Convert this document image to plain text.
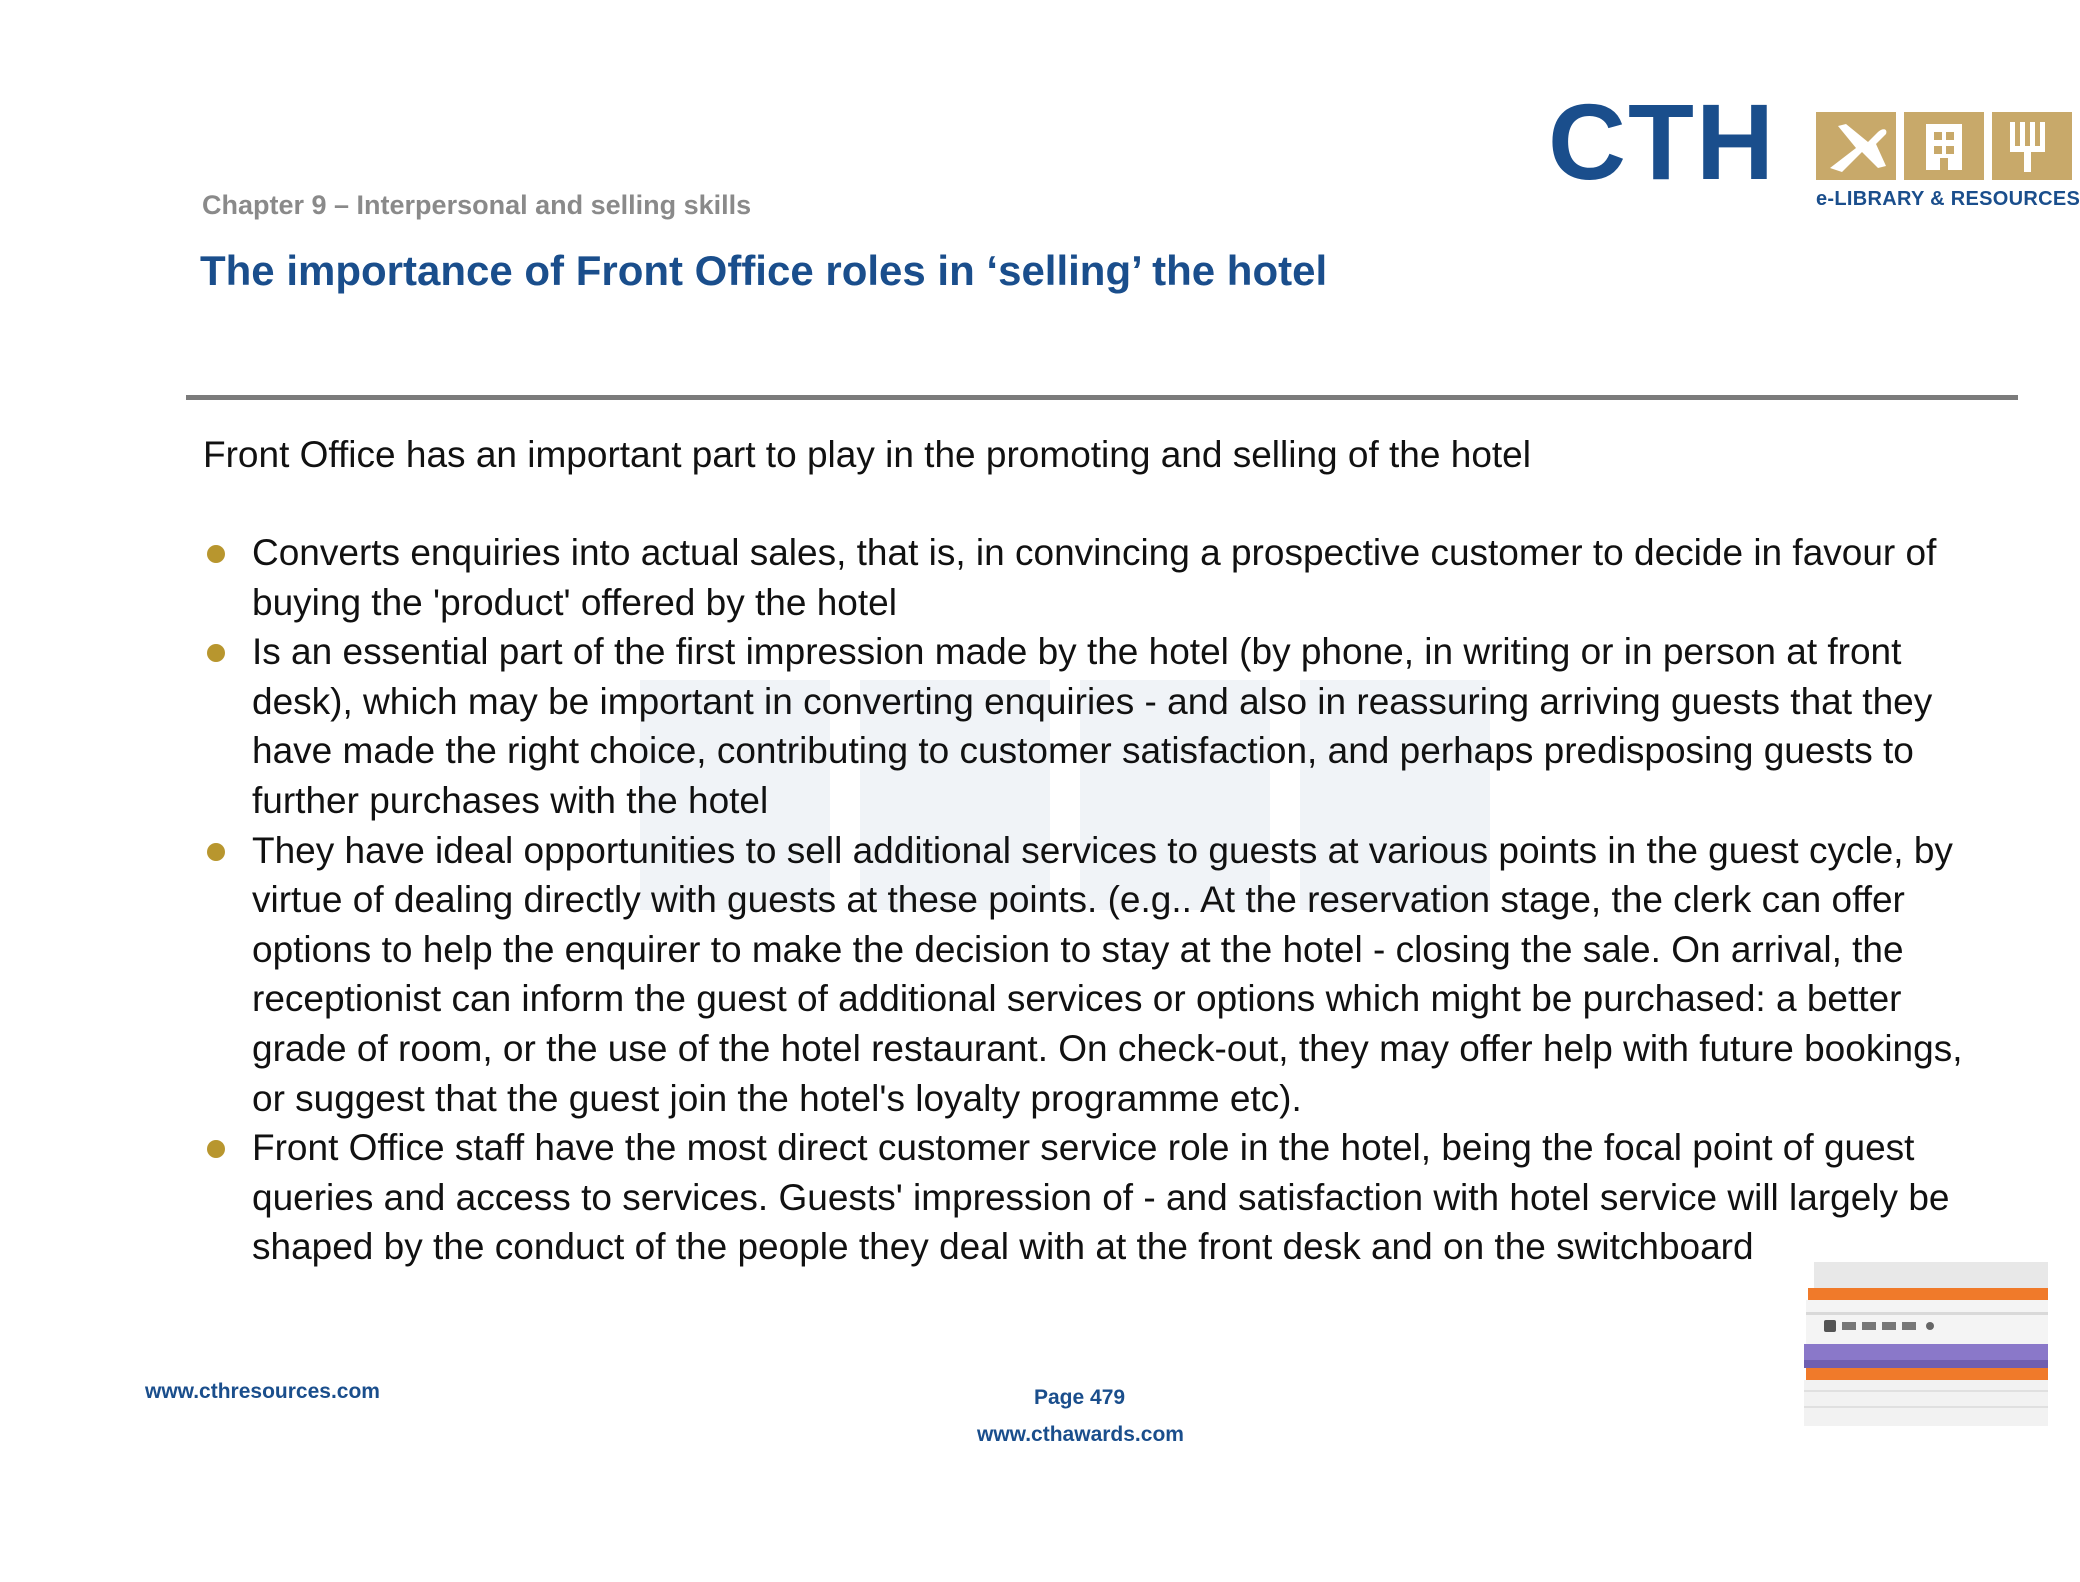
CTH e-LIBRARY & RESOURCES
Chapter 9 – Interpersonal and selling skills
The importance of Front Office roles in ‘selling’ the hotel
Front Office has an important part to play in the promoting and selling of the hotel
Converts enquiries into actual sales, that is, in convincing a prospective customer to decide in favour of buying the 'product' offered by the hotel
Is an essential part of the first impression made by the hotel (by phone, in writing or in person at front desk), which may be important in converting enquiries - and also in reassuring arriving guests that they have made the right choice, contributing to customer satisfaction, and perhaps predisposing guests to further purchases with the hotel
They have ideal opportunities to sell additional services to guests at various points in the guest cycle, by virtue of dealing directly with guests at these points. (e.g.. At the reservation stage, the clerk can offer options to help the enquirer to make the decision to stay at the hotel - closing the sale. On arrival, the receptionist can inform the guest of additional services or options which might be purchased: a better grade of room, or the use of the hotel restaurant. On check-out, they may offer help with future bookings, or suggest that the guest join the hotel's loyalty programme etc).
Front Office staff have the most direct customer service role in the hotel, being the focal point of guest queries and access to services. Guests' impression of - and satisfaction with hotel service will largely be shaped by the conduct of the people they deal with at the front desk and on the switchboard
www.cthresources.com	Page 479
www.cthawards.com
